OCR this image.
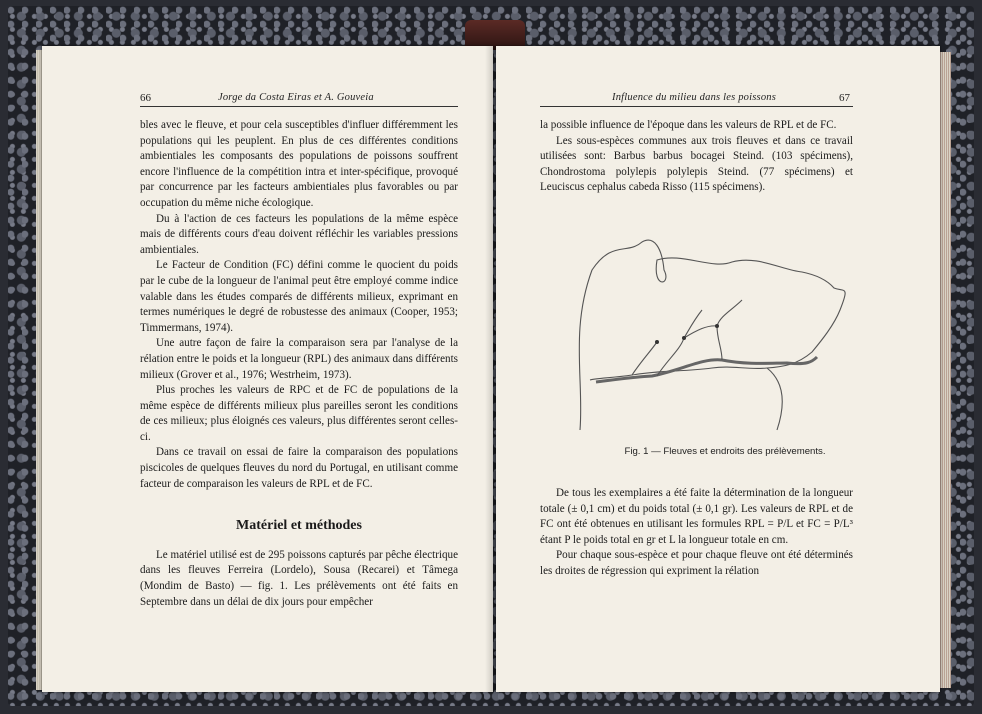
66	Jorge da Costa Eiras et A. Gouveia

bles avec le fleuve, et pour cela susceptibles d'influer différemment les populations qui les peuplent. En plus de ces différentes conditions ambientiales les composants des populations de poissons souffrent encore l'influence de la compétition intra et inter-spécifique, provoqué par concurrence par les facteurs ambientiales plus favorables ou par occupation du même niche écologique.

Du à l'action de ces facteurs les populations de la même espèce mais de différents cours d'eau doivent réfléchir les variables pressions ambientiales.

Le Facteur de Condition (FC) défini comme le quocient du poids par le cube de la longueur de l'animal peut être employé comme indice valable dans les études comparés de différents milieux, exprimant en termes numériques le degré de robustesse des animaux (Cooper, 1953; Timmermans, 1974).

Une autre façon de faire la comparaison sera par l'analyse de la rélation entre le poids et la longueur (RPL) des animaux dans différents milieux (Grover et al., 1976; Westrheim, 1973).

Plus proches les valeurs de RPC et de FC de populations de la même espèce de différents milieux plus pareilles seront les conditions de ces milieux; plus éloignés ces valeurs, plus différentes seront celles-ci.

Dans ce travail on essai de faire la comparaison des populations piscicoles de quelques fleuves du nord du Portugal, en utilisant comme facteur de comparaison les valeurs de RPL et de FC.

Matériel et méthodes

Le matériel utilisé est de 295 poissons capturés par pêche électrique dans les fleuves Ferreira (Lordelo), Sousa (Recarei) et Tâmega (Mondim de Basto) — fig. 1. Les prélèvements ont été faits en Septembre dans un délai de dix jours pour empêcher

Influence du milieu dans les poissons	67

la possible influence de l'époque dans les valeurs de RPL et de FC.

Les sous-espèces communes aux trois fleuves et dans ce travail utilisées sont: Barbus barbus bocagei Steind. (103 spécimens), Chondrostoma polylepis polylepis Steind. (77 spécimens) et Leuciscus cephalus cabeda Risso (115 spécimens).

Fig. 1 — Fleuves et endroits des prélèvements.

De tous les exemplaires a été faite la détermination de la longueur totale (± 0,1 cm) et du poids total (± 0,1 gr). Les valeurs de RPL et de FC ont été obtenues en utilisant les formules RPL = P/L et FC = P/L³ étant P le poids total en gr et L la longueur totale en cm.

Pour chaque sous-espèce et pour chaque fleuve ont été déterminés les droites de régression qui expriment la rélation
